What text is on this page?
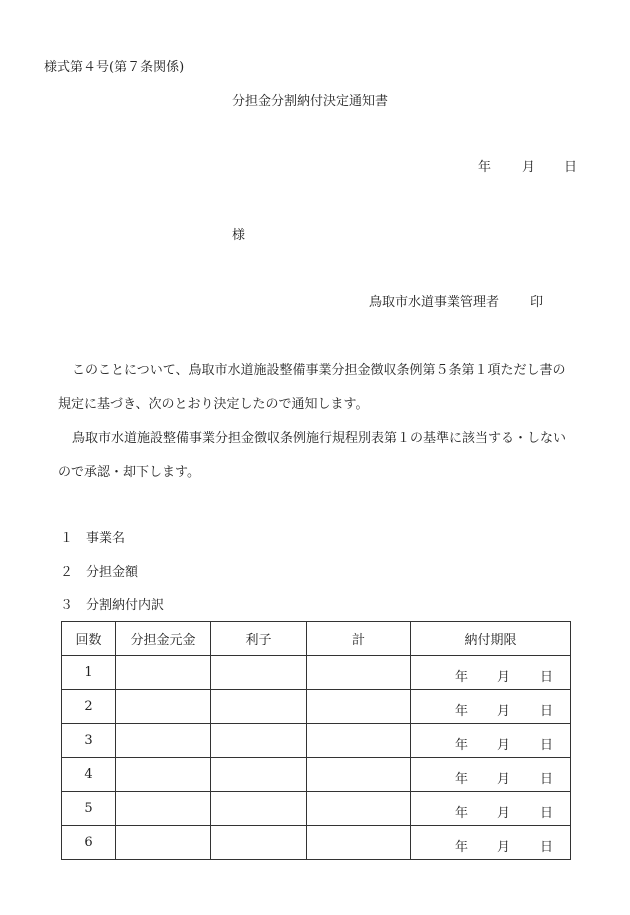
様式第４号(第７条関係)
分担金分割納付決定通知書
年 月 日
様
鳥取市水道事業管理者 印
このことについて、鳥取市水道施設整備事業分担金徴収条例第５条第１項ただし書の
規定に基づき、次のとおり決定したので通知します。
鳥取市水道施設整備事業分担金徴収条例施行規程別表第１の基準に該当する・しない
ので承認・却下します。
１ 事業名
２ 分担金額
３ 分割納付内訳
回数	分担金元金	利子	計	納付期限
1				年 月 日

2				年 月 日

3				年 月 日

4				年 月 日

5				年 月 日

6				年 月 日
